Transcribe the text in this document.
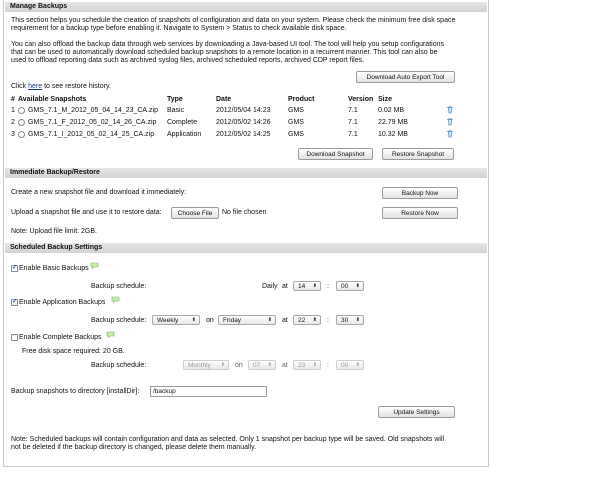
Manage Backups
This section helps you schedule the creation of snapshots of configuration and data on your system. Please check the minimum free disk space
requirement for a backup type before enabling it. Navigate to System > Status to check available disk space.
You can also offload the backup data through web services by downloading a Java-based UI tool. The tool will help you setup configurations
that can be used to automatically download scheduled backup snapshots to a remote location in a recurrent manner. This tool can also be
used to offload reporting data such as archived syslog files, archived scheduled reports, archived CDP report files.
Download Auto Export Tool
Click here to see restore history.
# Available Snapshots	Type	Date	Product	Version Size
1 GMS_7.1_M_2012_05_04_14_23_CA.zip Basic	2012/05/04 14:23	GMS	7.1	0.02 MB
2 GMS_7.1_F_2012_05_02_14_26_CA.zip Complete	2012/05/02 14:26	GMS	7.1	22.79 MB
3 GMS_7.1_I_2012_05_02_14_25_CA.zip Application 2012/05/02 14:25	GMS	7.1	10.32 MB
Download Snapshot	Restore Snapshot
Immediate Backup/Restore
Create a new snapshot file and download it immediately:	Backup Now
Upload a snapshot file and use it to restore data:	Choose File	No file chosen	Restore Now
Note: Upload file limit: 2GB.
Scheduled Backup Settings
✓ Enable Basic Backups
Backup schedule:	Daily at	14 ⬍ :	00 ⬍
✓ Enable Application Backups
Backup schedule:	Weekly	⬍ on	Friday	⬍ at	22 ⬍ :	30 ⬍
Enable Complete Backups
Free disk space required: 20 GB.
Backup schedule:	Monthly ⬍ on	07 ⬍ at	23 ⬍ :	00 ⬍
Backup snapshots to directory [installDir]:	/backup
Update Settings
Note: Scheduled backups will contain configuration and data as selected. Only 1 snapshot per backup type will be saved. Old snapshots will
not be deleted if the backup directory is changed, please delete them manually.
